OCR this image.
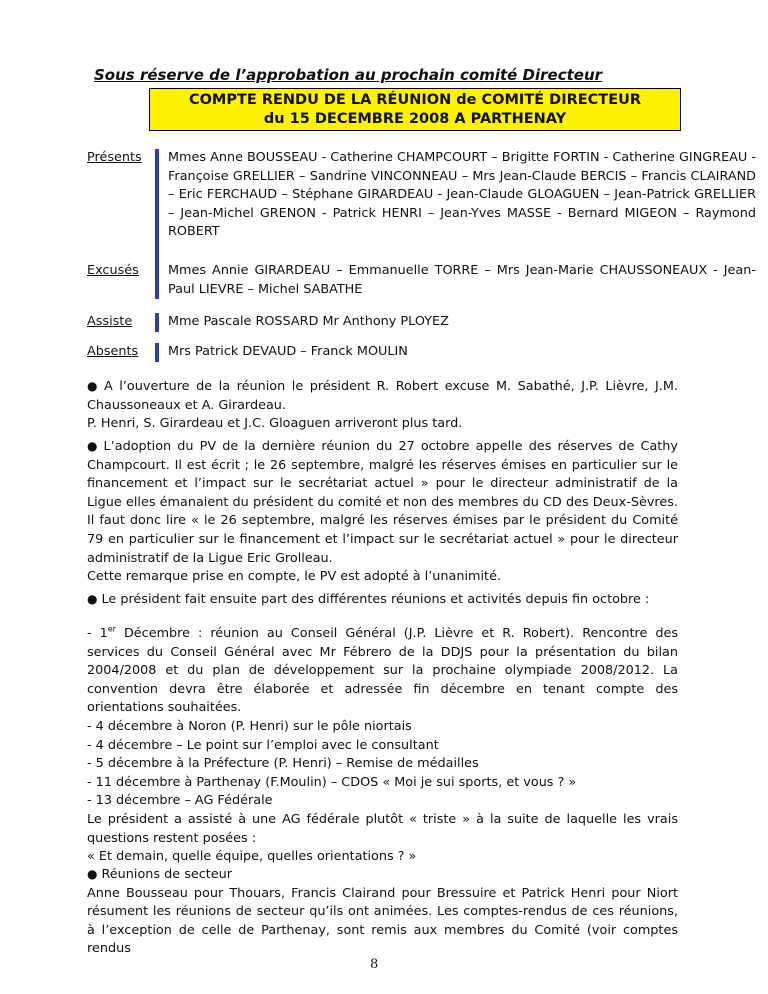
Sous réserve de l’approbation au prochain comité Directeur
COMPTE RENDU DE LA RÉUNION de COMITÉ DIRECTEUR
du 15 DECEMBRE 2008 A PARTHENAY
Présents	Mmes Anne BOUSSEAU - Catherine CHAMPCOURT – Brigitte FORTIN - Catherine GINGREAU - Françoise GRELLIER – Sandrine VINCONNEAU – Mrs Jean-Claude BERCIS – Francis CLAIRAND – Eric FERCHAUD – Stéphane GIRARDEAU - Jean-Claude GLOAGUEN – Jean-Patrick GRELLIER – Jean-Michel GRENON - Patrick HENRI – Jean-Yves MASSE - Bernard MIGEON – Raymond ROBERT
Excusés	Mmes Annie GIRARDEAU – Emmanuelle TORRE – Mrs Jean-Marie CHAUSSONEAUX - Jean-Paul LIEVRE – Michel SABATHE
Assiste	Mme Pascale ROSSARD Mr Anthony PLOYEZ
Absents	Mrs Patrick DEVAUD – Franck MOULIN

● A l’ouverture de la réunion le président R. Robert excuse M. Sabathé, J.P. Lièvre, J.M. Chaussoneaux et A. Girardeau.

P. Henri, S. Girardeau et J.C. Gloaguen arriveront plus tard.

● L’adoption du PV de la dernière réunion du 27 octobre appelle des réserves de Cathy Champcourt. Il est écrit ; le 26 septembre, malgré les réserves émises en particulier sur le financement et l’impact sur le secrétariat actuel » pour le directeur administratif de la Ligue elles émanaient du président du comité et non des membres du CD des Deux-Sèvres. Il faut donc lire « le 26 septembre, malgré les réserves émises par le président du Comité 79 en particulier sur le financement et l’impact sur le secrétariat actuel » pour le directeur administratif de la Ligue Eric Grolleau.

Cette remarque prise en compte, le PV est adopté à l’unanimité.

● Le président fait ensuite part des différentes réunions et activités depuis fin octobre :

- 1er Décembre : réunion au Conseil Général (J.P. Lièvre et R. Robert). Rencontre des services du Conseil Général avec Mr Fébrero de la DDJS pour la présentation du bilan 2004/2008 et du plan de développement sur la prochaine olympiade 2008/2012. La convention devra être élaborée et adressée fin décembre en tenant compte des orientations souhaitées.

- 4 décembre à Noron (P. Henri) sur le pôle niortais

- 4 décembre – Le point sur l’emploi avec le consultant

- 5 décembre à la Préfecture (P. Henri) – Remise de médailles

- 11 décembre à Parthenay (F.Moulin) – CDOS « Moi je sui sports, et vous ? »

- 13 décembre – AG Fédérale

Le président a assisté à une AG fédérale plutôt « triste » à la suite de laquelle les vrais questions restent posées :

« Et demain, quelle équipe, quelles orientations ? »

● Réunions de secteur

Anne Bousseau pour Thouars, Francis Clairand pour Bressuire et Patrick Henri pour Niort résument les réunions de secteur qu’ils ont animées. Les comptes-rendus de ces réunions, à l’exception de celle de Parthenay, sont remis aux membres du Comité (voir comptes rendus

8
